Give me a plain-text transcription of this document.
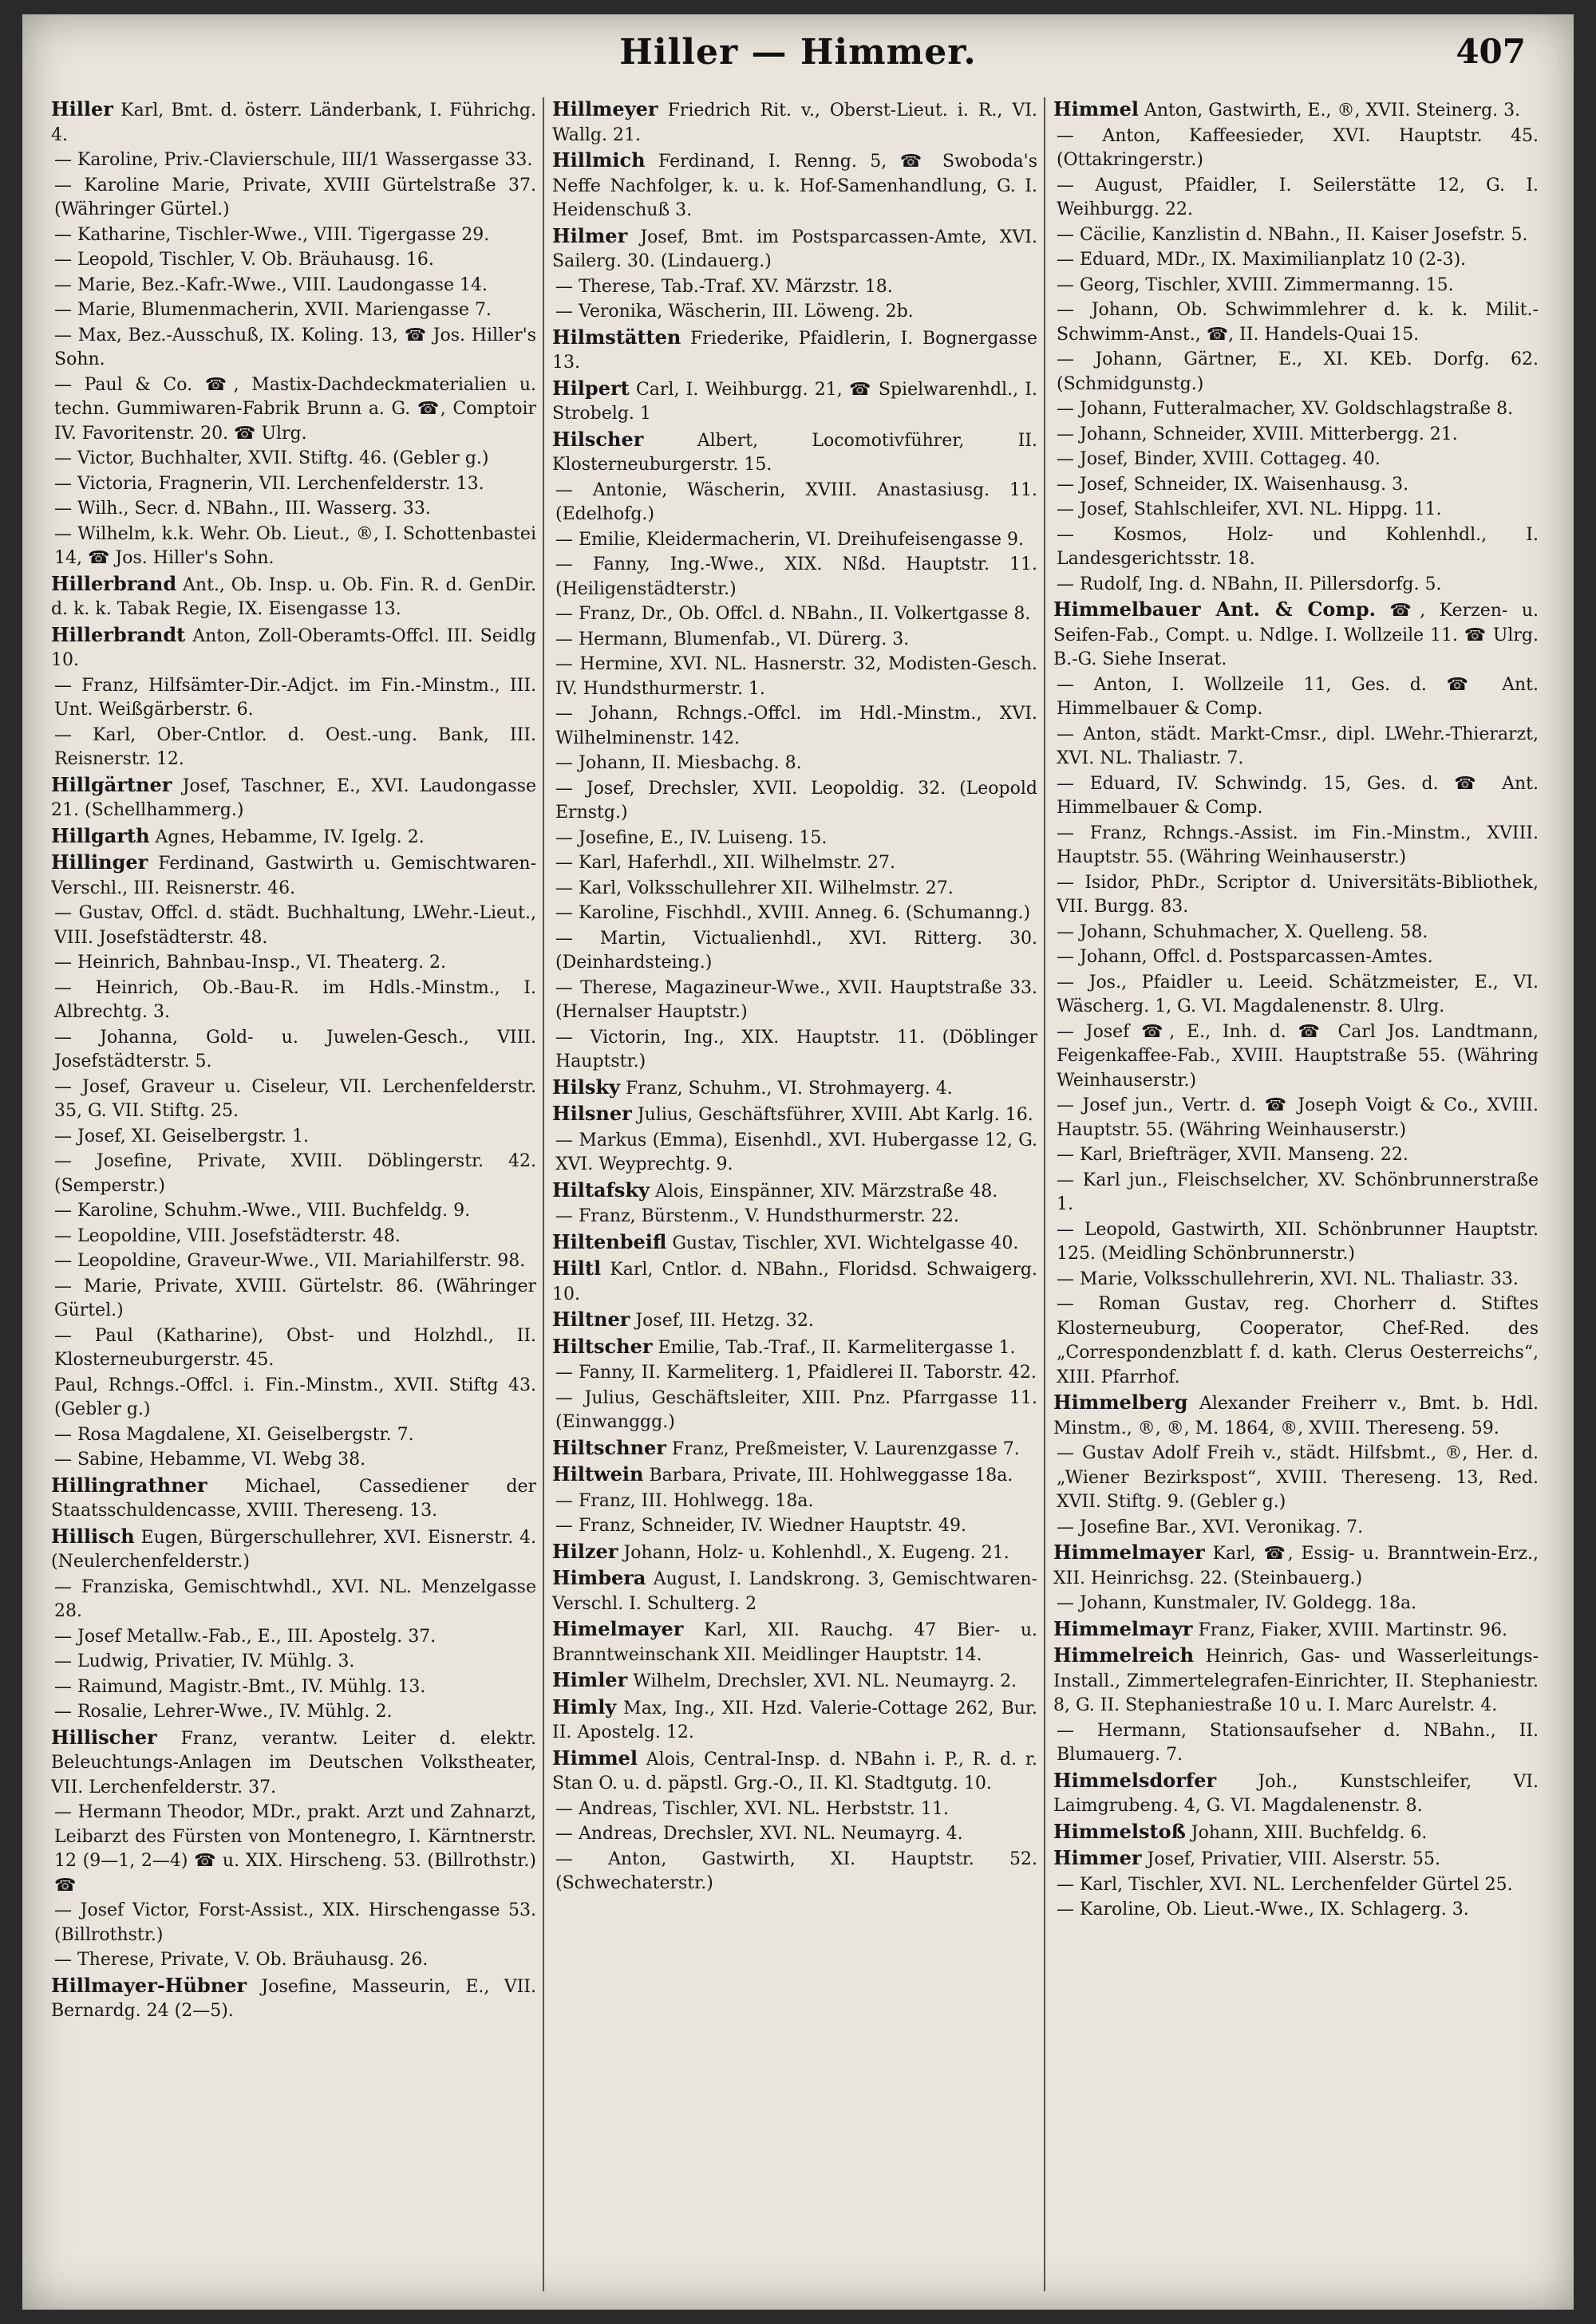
Hiller — Himmer.	407

Hiller Karl, Bmt. d. österr. Länderbank, I. Führichg. 4.

— Karoline, Priv.-Clavierschule, III/1 Wassergasse 33.

— Karoline Marie, Private, XVIII Gürtelstraße 37. (Währinger Gürtel.)

— Katharine, Tischler-Wwe., VIII. Tigergasse 29.

— Leopold, Tischler, V. Ob. Bräuhausg. 16.

— Marie, Bez.-Kafr.-Wwe., VIII. Laudongasse 14.

— Marie, Blumenmacherin, XVII. Mariengasse 7.

— Max, Bez.-Ausschuß, IX. Koling. 13, ☎ Jos. Hiller's Sohn.

— Paul & Co. ☎, Mastix-Dachdeckmaterialien u. techn. Gummiwaren-Fabrik Brunn a. G. ☎, Comptoir IV. Favoritenstr. 20. ☎ Ulrg.

— Victor, Buchhalter, XVII. Stiftg. 46. (Gebler g.)

— Victoria, Fragnerin, VII. Lerchenfelderstr. 13.

— Wilh., Secr. d. NBahn., III. Wasserg. 33.

— Wilhelm, k.k. Wehr. Ob. Lieut., ®, I. Schottenbastei 14, ☎ Jos. Hiller's Sohn.

Hillerbrand Ant., Ob. Insp. u. Ob. Fin. R. d. GenDir. d. k. k. Tabak Regie, IX. Eisengasse 13.

Hillerbrandt Anton, Zoll-Oberamts-Offcl. III. Seidlg 10.

— Franz, Hilfsämter-Dir.-Adjct. im Fin.-Minstm., III. Unt. Weißgärberstr. 6.

— Karl, Ober-Cntlor. d. Oest.-ung. Bank, III. Reisnerstr. 12.

Hillgärtner Josef, Taschner, E., XVI. Laudongasse 21. (Schellhammerg.)

Hillgarth Agnes, Hebamme, IV. Igelg. 2.

Hillinger Ferdinand, Gastwirth u. Gemischtwaren-Verschl., III. Reisnerstr. 46.

— Gustav, Offcl. d. städt. Buchhaltung, LWehr.-Lieut., VIII. Josefstädterstr. 48.

— Heinrich, Bahnbau-Insp., VI. Theaterg. 2.

— Heinrich, Ob.-Bau-R. im Hdls.-Minstm., I. Albrechtg. 3.

— Johanna, Gold- u. Juwelen-Gesch., VIII. Josefstädterstr. 5.

— Josef, Graveur u. Ciseleur, VII. Lerchenfelderstr. 35, G. VII. Stiftg. 25.

— Josef, XI. Geiselbergstr. 1.

— Josefine, Private, XVIII. Döblingerstr. 42. (Semperstr.)

— Karoline, Schuhm.-Wwe., VIII. Buchfeldg. 9.

— Leopoldine, VIII. Josefstädterstr. 48.

— Leopoldine, Graveur-Wwe., VII. Mariahilferstr. 98.

— Marie, Private, XVIII. Gürtelstr. 86. (Währinger Gürtel.)

— Paul (Katharine), Obst- und Holzhdl., II. Klosterneuburgerstr. 45.

Paul, Rchngs.-Offcl. i. Fin.-Minstm., XVII. Stiftg 43. (Gebler g.)

— Rosa Magdalene, XI. Geiselbergstr. 7.

— Sabine, Hebamme, VI. Webg 38.

Hillingrathner Michael, Cassediener der Staatsschuldencasse, XVIII. Thereseng. 13.

Hillisch Eugen, Bürgerschullehrer, XVI. Eisnerstr. 4. (Neulerchenfelderstr.)

— Franziska, Gemischtwhdl., XVI. NL. Menzelgasse 28.

— Josef Metallw.-Fab., E., III. Apostelg. 37.

— Ludwig, Privatier, IV. Mühlg. 3.

— Raimund, Magistr.-Bmt., IV. Mühlg. 13.

— Rosalie, Lehrer-Wwe., IV. Mühlg. 2.

Hillischer Franz, verantw. Leiter d. elektr. Beleuchtungs-Anlagen im Deutschen Volkstheater, VII. Lerchenfelderstr. 37.

— Hermann Theodor, MDr., prakt. Arzt und Zahnarzt, Leibarzt des Fürsten von Montenegro, I. Kärntnerstr. 12 (9—1, 2—4) ☎ u. XIX. Hirscheng. 53. (Billrothstr.) ☎

— Josef Victor, Forst-Assist., XIX. Hirschengasse 53. (Billrothstr.)

— Therese, Private, V. Ob. Bräuhausg. 26.

Hillmayer-Hübner Josefine, Masseurin, E., VII. Bernardg. 24 (2—5).

Hillmeyer Friedrich Rit. v., Oberst-Lieut. i. R., VI. Wallg. 21.

Hillmich Ferdinand, I. Renng. 5, ☎ Swoboda's Neffe Nachfolger, k. u. k. Hof-Samenhandlung, G. I. Heidenschuß 3.

Hilmer Josef, Bmt. im Postsparcassen-Amte, XVI. Sailerg. 30. (Lindauerg.)

— Therese, Tab.-Traf. XV. Märzstr. 18.

— Veronika, Wäscherin, III. Löweng. 2b.

Hilmstätten Friederike, Pfaidlerin, I. Bognergasse 13.

Hilpert Carl, I. Weihburgg. 21, ☎ Spielwarenhdl., I. Strobelg. 1

Hilscher Albert, Locomotivführer, II. Klosterneuburgerstr. 15.

— Antonie, Wäscherin, XVIII. Anastasiusg. 11. (Edelhofg.)

— Emilie, Kleidermacherin, VI. Dreihufeisengasse 9.

— Fanny, Ing.-Wwe., XIX. Nßd. Hauptstr. 11. (Heiligenstädterstr.)

— Franz, Dr., Ob. Offcl. d. NBahn., II. Volkertgasse 8.

— Hermann, Blumenfab., VI. Dürerg. 3.

— Hermine, XVI. NL. Hasnerstr. 32, Modisten-Gesch. IV. Hundsthurmerstr. 1.

— Johann, Rchngs.-Offcl. im Hdl.-Minstm., XVI. Wilhelminenstr. 142.

— Johann, II. Miesbachg. 8.

— Josef, Drechsler, XVII. Leopoldig. 32. (Leopold Ernstg.)

— Josefine, E., IV. Luiseng. 15.

— Karl, Haferhdl., XII. Wilhelmstr. 27.

— Karl, Volksschullehrer XII. Wilhelmstr. 27.

— Karoline, Fischhdl., XVIII. Anneg. 6. (Schumanng.)

— Martin, Victualienhdl., XVI. Ritterg. 30. (Deinhardsteing.)

— Therese, Magazineur-Wwe., XVII. Hauptstraße 33. (Hernalser Hauptstr.)

— Victorin, Ing., XIX. Hauptstr. 11. (Döblinger Hauptstr.)

Hilsky Franz, Schuhm., VI. Strohmayerg. 4.

Hilsner Julius, Geschäftsführer, XVIII. Abt Karlg. 16.

— Markus (Emma), Eisenhdl., XVI. Hubergasse 12, G. XVI. Weyprechtg. 9.

Hiltafsky Alois, Einspänner, XIV. Märzstraße 48.

— Franz, Bürstenm., V. Hundsthurmerstr. 22.

Hiltenbeifl Gustav, Tischler, XVI. Wichtelgasse 40.

Hiltl Karl, Cntlor. d. NBahn., Floridsd. Schwaigerg. 10.

Hiltner Josef, III. Hetzg. 32.

Hiltscher Emilie, Tab.-Traf., II. Karmelitergasse 1.

— Fanny, II. Karmeliterg. 1, Pfaidlerei II. Taborstr. 42.

— Julius, Geschäftsleiter, XIII. Pnz. Pfarrgasse 11. (Einwanggg.)

Hiltschner Franz, Preßmeister, V. Laurenzgasse 7.

Hiltwein Barbara, Private, III. Hohlweggasse 18a.

— Franz, III. Hohlwegg. 18a.

— Franz, Schneider, IV. Wiedner Hauptstr. 49.

Hilzer Johann, Holz- u. Kohlenhdl., X. Eugeng. 21.

Himbera August, I. Landskrong. 3, Gemischtwaren-Verschl. I. Schulterg. 2

Himelmayer Karl, XII. Rauchg. 47 Bier- u. Branntweinschank XII. Meidlinger Hauptstr. 14.

Himler Wilhelm, Drechsler, XVI. NL. Neumayrg. 2.

Himly Max, Ing., XII. Hzd. Valerie-Cottage 262, Bur. II. Apostelg. 12.

Himmel Alois, Central-Insp. d. NBahn i. P., R. d. r. Stan O. u. d. päpstl. Grg.-O., II. Kl. Stadtgutg. 10.

— Andreas, Tischler, XVI. NL. Herbststr. 11.

— Andreas, Drechsler, XVI. NL. Neumayrg. 4.

— Anton, Gastwirth, XI. Hauptstr. 52. (Schwechaterstr.)

Himmel Anton, Gastwirth, E., ®, XVII. Steinerg. 3.

— Anton, Kaffeesieder, XVI. Hauptstr. 45. (Ottakringerstr.)

— August, Pfaidler, I. Seilerstätte 12, G. I. Weihburgg. 22.

— Cäcilie, Kanzlistin d. NBahn., II. Kaiser Josefstr. 5.

— Eduard, MDr., IX. Maximilianplatz 10 (2-3).

— Georg, Tischler, XVIII. Zimmermanng. 15.

— Johann, Ob. Schwimmlehrer d. k. k. Milit.-Schwimm-Anst., ☎, II. Handels-Quai 15.

— Johann, Gärtner, E., XI. KEb. Dorfg. 62. (Schmidgunstg.)

— Johann, Futteralmacher, XV. Goldschlagstraße 8.

— Johann, Schneider, XVIII. Mitterbergg. 21.

— Josef, Binder, XVIII. Cottageg. 40.

— Josef, Schneider, IX. Waisenhausg. 3.

— Josef, Stahlschleifer, XVI. NL. Hippg. 11.

— Kosmos, Holz- und Kohlenhdl., I. Landesgerichtsstr. 18.

— Rudolf, Ing. d. NBahn, II. Pillersdorfg. 5.

Himmelbauer Ant. & Comp. ☎, Kerzen- u. Seifen-Fab., Compt. u. Ndlge. I. Wollzeile 11. ☎ Ulrg. B.-G. Siehe Inserat.

— Anton, I. Wollzeile 11, Ges. d. ☎ Ant. Himmelbauer & Comp.

— Anton, städt. Markt-Cmsr., dipl. LWehr.-Thierarzt, XVI. NL. Thaliastr. 7.

— Eduard, IV. Schwindg. 15, Ges. d. ☎ Ant. Himmelbauer & Comp.

— Franz, Rchngs.-Assist. im Fin.-Minstm., XVIII. Hauptstr. 55. (Währing Weinhauserstr.)

— Isidor, PhDr., Scriptor d. Universitäts-Bibliothek, VII. Burgg. 83.

— Johann, Schuhmacher, X. Quelleng. 58.

— Johann, Offcl. d. Postsparcassen-Amtes.

— Jos., Pfaidler u. Leeid. Schätzmeister, E., VI. Wäscherg. 1, G. VI. Magdalenenstr. 8. Ulrg.

— Josef ☎, E., Inh. d. ☎ Carl Jos. Landtmann, Feigenkaffee-Fab., XVIII. Hauptstraße 55. (Währing Weinhauserstr.)

— Josef jun., Vertr. d. ☎ Joseph Voigt & Co., XVIII. Hauptstr. 55. (Währing Weinhauserstr.)

— Karl, Briefträger, XVII. Manseng. 22.

— Karl jun., Fleischselcher, XV. Schönbrunnerstraße 1.

— Leopold, Gastwirth, XII. Schönbrunner Hauptstr. 125. (Meidling Schönbrunnerstr.)

— Marie, Volksschullehrerin, XVI. NL. Thaliastr. 33.

— Roman Gustav, reg. Chorherr d. Stiftes Klosterneuburg, Cooperator, Chef-Red. des „Correspondenzblatt f. d. kath. Clerus Oesterreichs“, XIII. Pfarrhof.

Himmelberg Alexander Freiherr v., Bmt. b. Hdl. Minstm., ®, ®, M. 1864, ®, XVIII. Thereseng. 59.

— Gustav Adolf Freih v., städt. Hilfsbmt., ®, Her. d. „Wiener Bezirkspost“, XVIII. Thereseng. 13, Red. XVII. Stiftg. 9. (Gebler g.)

— Josefine Bar., XVI. Veronikag. 7.

Himmelmayer Karl, ☎, Essig- u. Branntwein-Erz., XII. Heinrichsg. 22. (Steinbauerg.)

— Johann, Kunstmaler, IV. Goldegg. 18a.

Himmelmayr Franz, Fiaker, XVIII. Martinstr. 96.

Himmelreich Heinrich, Gas- und Wasserleitungs-Install., Zimmertelegrafen-Einrichter, II. Stephaniestr. 8, G. II. Stephaniestraße 10 u. I. Marc Aurelstr. 4.

— Hermann, Stationsaufseher d. NBahn., II. Blumauerg. 7.

Himmelsdorfer Joh., Kunstschleifer, VI. Laimgrubeng. 4, G. VI. Magdalenenstr. 8.

Himmelstoß Johann, XIII. Buchfeldg. 6.

Himmer Josef, Privatier, VIII. Alserstr. 55.

— Karl, Tischler, XVI. NL. Lerchenfelder Gürtel 25.

— Karoline, Ob. Lieut.-Wwe., IX. Schlagerg. 3.
